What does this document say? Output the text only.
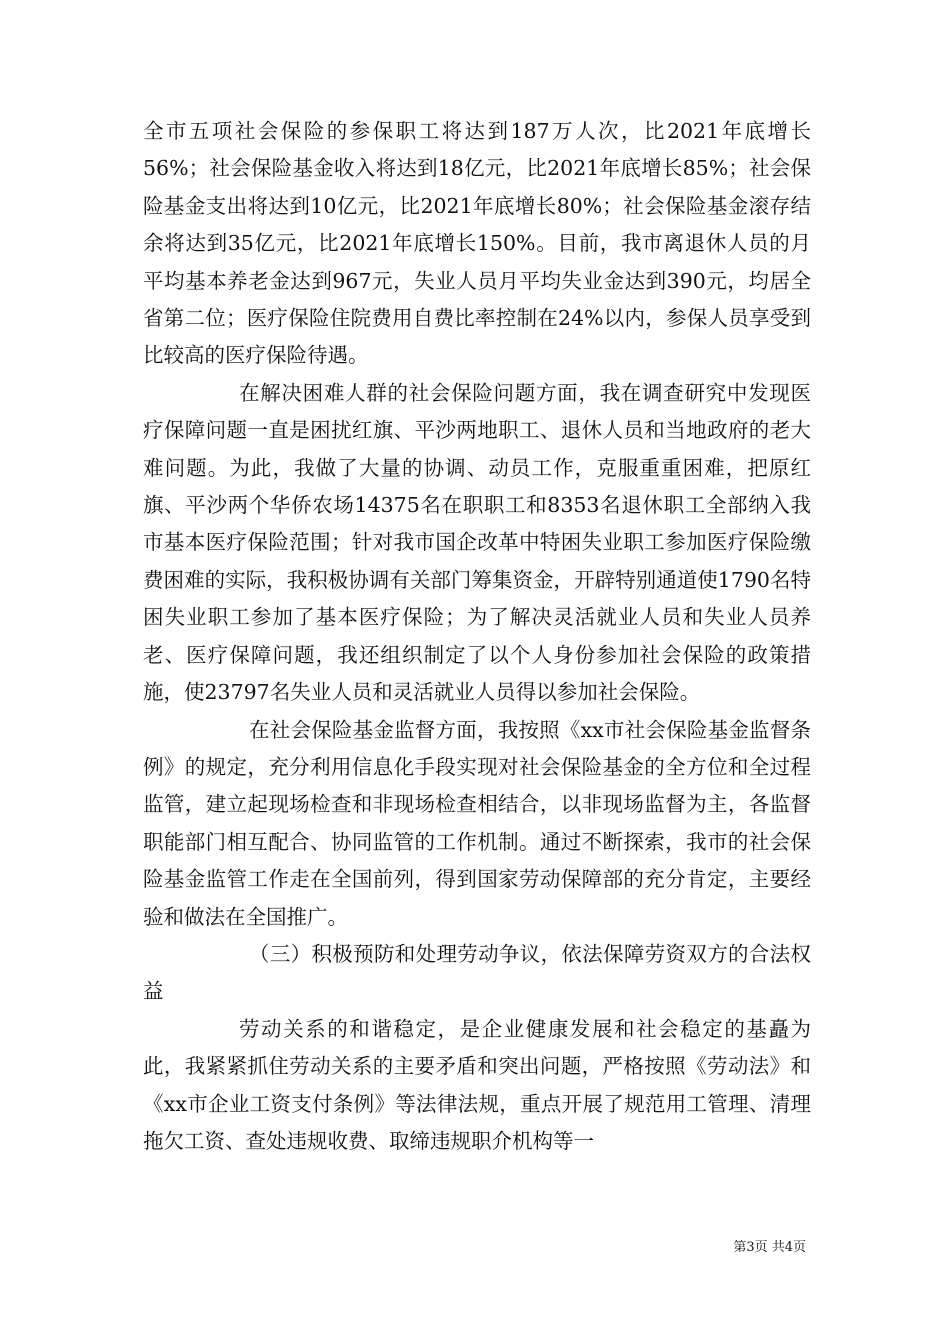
全市五项社会保险的参保职工将达到187万人次，比2021年底增长56%；社会保险基金收入将达到18亿元，比2021年底增长85%；社会保险基金支出将达到10亿元，比2021年底增长80%；社会保险基金滚存结余将达到35亿元，比2021年底增长150%。目前，我市离退休人员的月平均基本养老金达到967元，失业人员月平均失业金达到390元，均居全省第二位；医疗保险住院费用自费比率控制在24%以内，参保人员享受到比较高的医疗保险待遇。

在解决困难人群的社会保险问题方面，我在调查研究中发现医疗保障问题一直是困扰红旗、平沙两地职工、退休人员和当地政府的老大难问题。为此，我做了大量的协调、动员工作，克服重重困难，把原红旗、平沙两个华侨农场14375名在职职工和8353名退休职工全部纳入我市基本医疗保险范围；针对我市国企改革中特困失业职工参加医疗保险缴费困难的实际，我积极协调有关部门筹集资金，开辟特别通道使1790名特困失业职工参加了基本医疗保险；为了解决灵活就业人员和失业人员养老、医疗保障问题，我还组织制定了以个人身份参加社会保险的政策措施，使23797名失业人员和灵活就业人员得以参加社会保险。

在社会保险基金监督方面，我按照《xx市社会保险基金监督条例》的规定，充分利用信息化手段实现对社会保险基金的全方位和全过程监管，建立起现场检查和非现场检查相结合，以非现场监督为主，各监督职能部门相互配合、协同监管的工作机制。通过不断探索，我市的社会保险基金监管工作走在全国前列，得到国家劳动保障部的充分肯定，主要经验和做法在全国推广。

（三）积极预防和处理劳动争议，依法保障劳资双方的合法权益

劳动关系的和谐稳定，是企业健康发展和社会稳定的基矗为此，我紧紧抓住劳动关系的主要矛盾和突出问题，严格按照《劳动法》和《xx市企业工资支付条例》等法律法规，重点开展了规范用工管理、清理拖欠工资、查处违规收费、取缔违规职介机构等一

第3页 共4页
